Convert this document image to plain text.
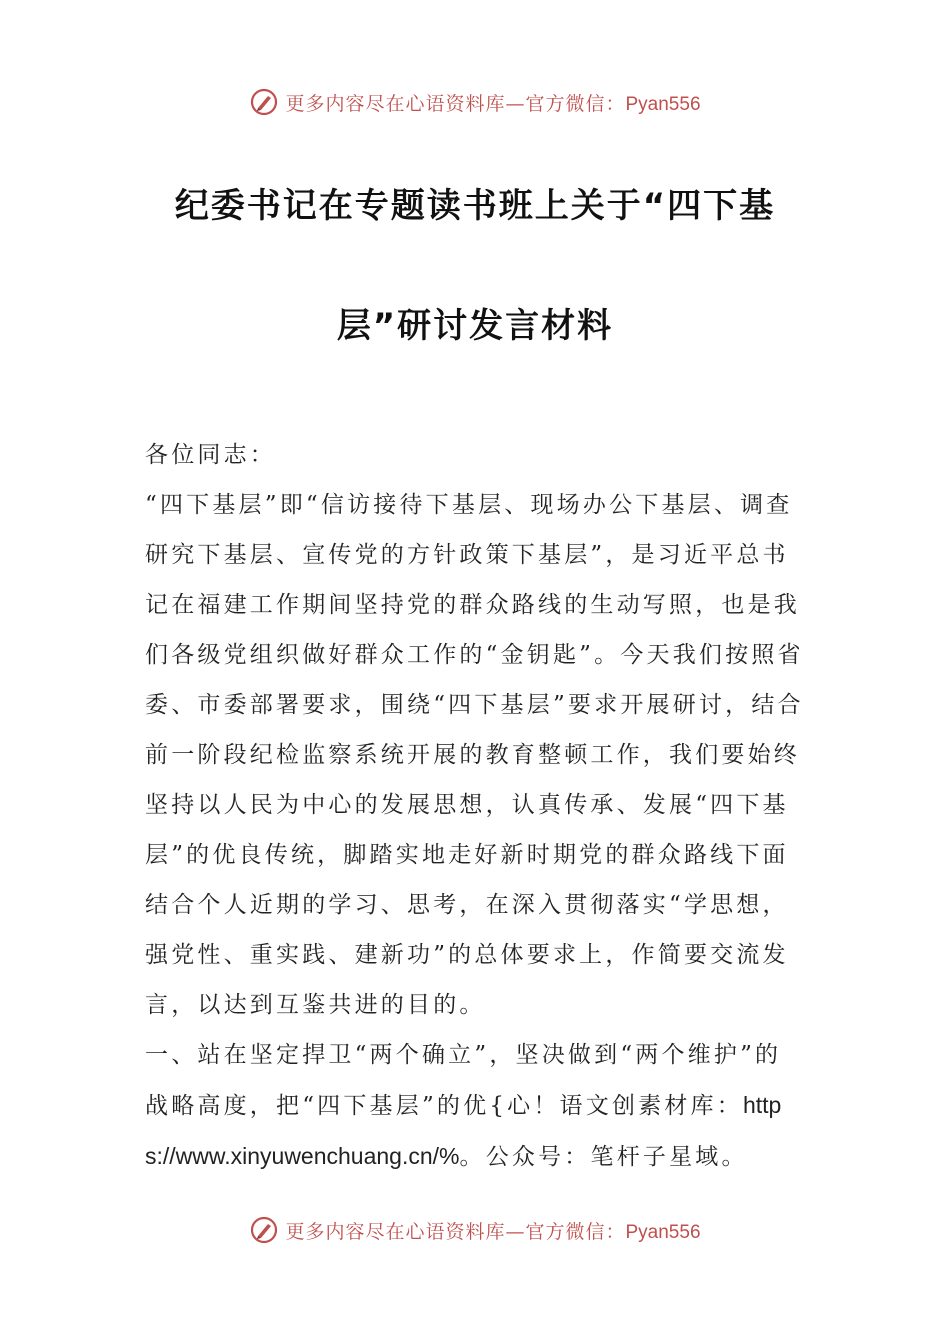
更多内容尽在心语资料库—官方微信：Pyan556
纪委书记在专题读书班上关于“四下基
层”研讨发言材料

各位同志：

“四下基层”即“信访接待下基层、现场办公下基层、调查研究下基层、宣传党的方针政策下基层”，是习近平总书记在福建工作期间坚持党的群众路线的生动写照，也是我们各级党组织做好群众工作的“金钥匙”。今天我们按照省委、市委部署要求，围绕“四下基层”要求开展研讨，结合前一阶段纪检监察系统开展的教育整顿工作，我们要始终坚持以人民为中心的发展思想，认真传承、发展“四下基层”的优良传统，脚踏实地走好新时期党的群众路线下面结合个人近期的学习、思考，在深入贯彻落实“学思想，强党性、重实践、建新功”的总体要求上，作简要交流发言，以达到互鉴共进的目的。

一、站在坚定捍卫“两个确立”，坚决做到“两个维护”的战略高度，把“四下基层”的优{心！语文创素材库：https://www.xinyuwenchuang.cn/%。公众号：笔杆子星域。

更多内容尽在心语资料库—官方微信：Pyan556
